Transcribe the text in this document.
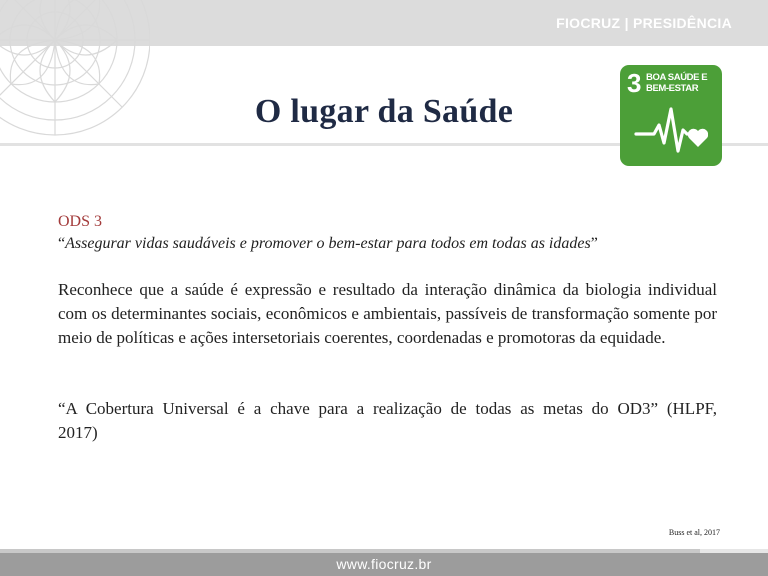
FIOCRUZ | PRESIDÊNCIA
O lugar da Saúde
3 BOA SAÚDE E BEM-ESTAR

ODS 3

“Assegurar vidas saudáveis e promover o bem-estar para todos em todas as idades”

Reconhece que a saúde é expressão e resultado da interação dinâmica da biologia individual com os determinantes sociais, econômicos e ambientais, passíveis de transformação somente por meio de políticas e ações intersetoriais coerentes, coordenadas e promotoras da equidade.

“A Cobertura Universal é a chave para a realização de todas as metas do OD3” (HLPF, 2017)

Buss et al, 2017
www.fiocruz.br
